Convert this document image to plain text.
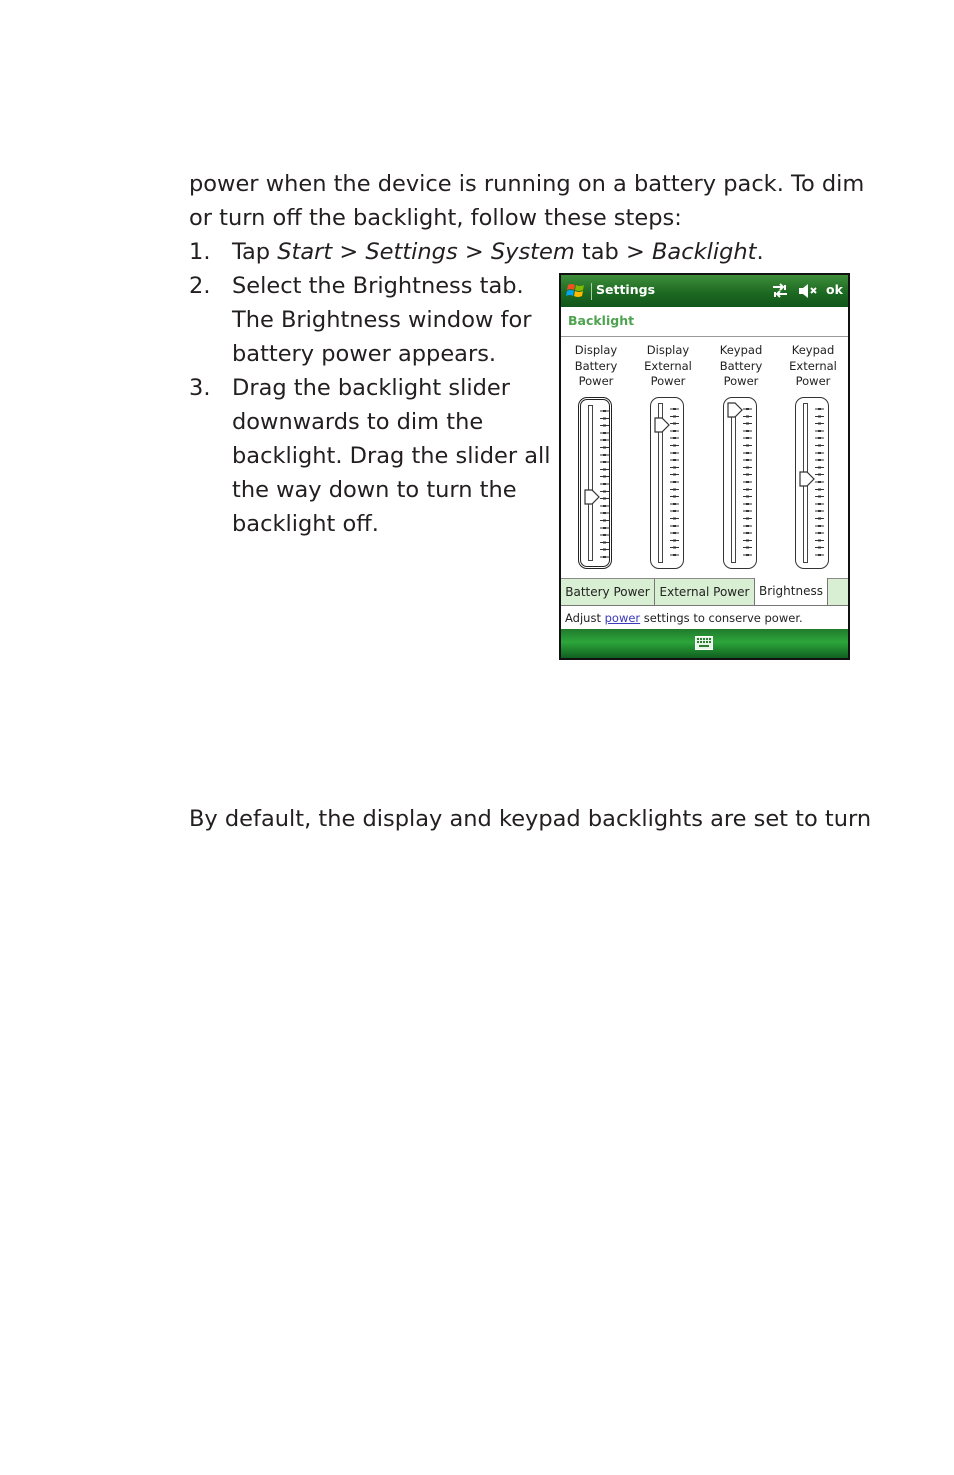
power when the device is running on a battery pack. To dim
or turn off the backlight, follow these steps:
1. Tap Start > Settings > System tab > Backlight.
2. Select the Brightness tab.
The Brightness window for
battery power appears.
3. Drag the backlight slider
downwards to dim the
backlight. Drag the slider all
the way down to turn the
backlight off.
By default, the display and keypad backlights are set to turn
Settings	ok
Backlight
Display
Battery
Power
Display
External
Power
Keypad
Battery
Power
Keypad
External
Power
Battery Power External Power Brightness
Adjust power settings to conserve power.
